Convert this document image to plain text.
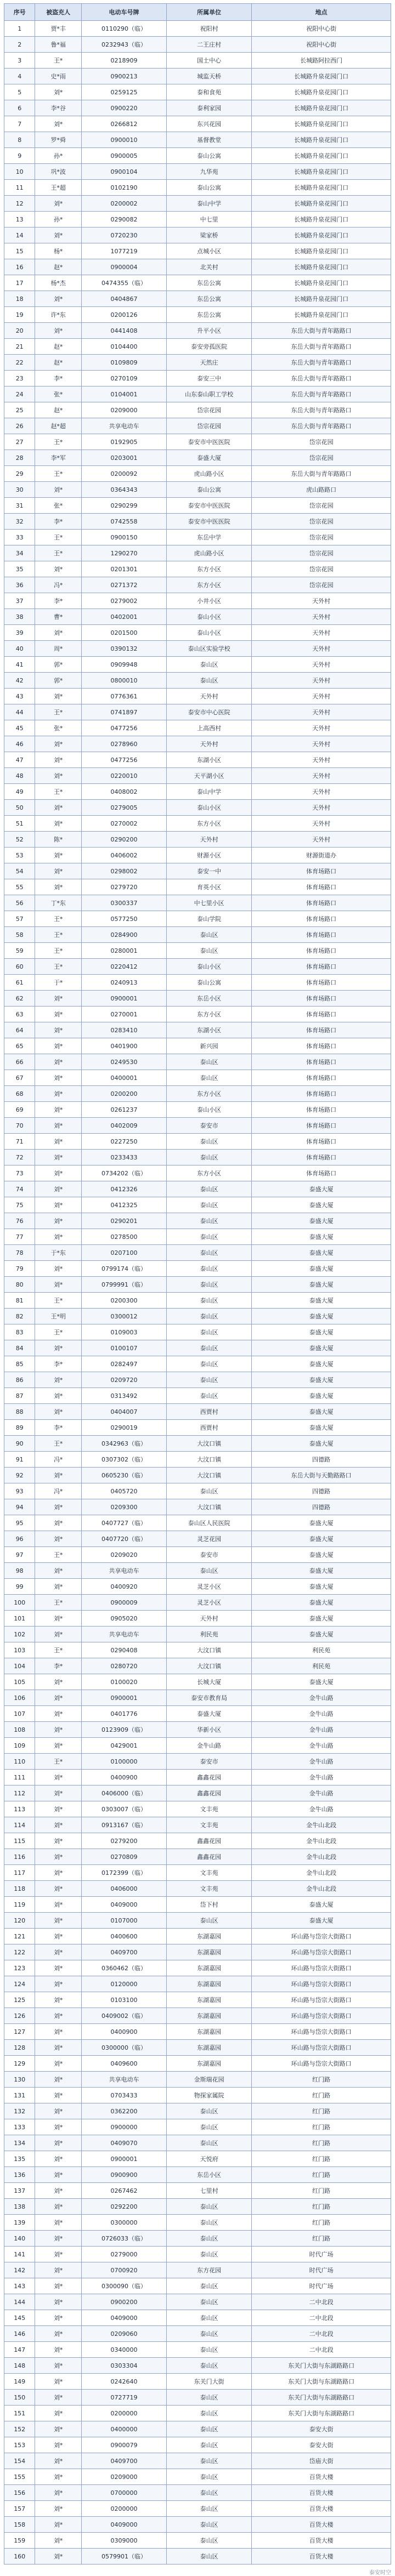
序号	被盗充人	电动车号牌	所属单位	地点
1	贾*丰	0110290（临）	祝阳村	祝阳中心街
2	鲁*福	0232943（临）	二王庄村	祝阳中心街
3	王*	0218909	国土中心	长城路阿拉西门
4	史*雨	0900213	城监天桥	长城路升泉花园门口
5	刘*	0259125	泰和食苑	长城路升泉花园门口
6	李*谷	0900220	泰利家园	长城路升泉花园门口
7	刘*	0266812	东兴花园	长城路升泉花园门口
8	罗*舜	0900010	基督教堂	长城路升泉花园门口
9	孙*	0900005	泰山公寓	长城路升泉花园门口
10	巩*波	0900104	九华苑	长城路升泉花园门口
11	王*超	0102190	泰山公寓	长城路升泉花园门口
12	刘*	0200002	泰山中学	长城路升泉花园门口
13	孙*	0290082	中七里	长城路升泉花园门口
14	刘*	0720230	梁家桥	长城路升泉花园门口
15	杨*	1077219	点城小区	长城路升泉花园门口
16	赵*	0900004	北关村	长城路升泉花园门口
17	杨*杰	0474355（临）	东岳公寓	长城路升泉花园门口
18	刘*	0404867	东岳公寓	长城路升泉花园门口
19	许*东	0200126	东岳公寓	长城路升泉花园门口
20	刘*	0441408	升平小区	东岳大街与青年路路口
21	赵*	0104400	泰安旁孤医院	东岳大街与青年路路口
22	赵*	0109809	天然庄	东岳大街与青年路路口
23	李*	0270109	泰安三中	东岳大街与青年路路口
24	张*	0104001	山东泰山职工学校	东岳大街与青年路路口
25	赵*	0209000	岱宗花园	东岳大街与青年路路口
26	赵*超	共享电动车	岱宗花园	东岳大街与青年路路口
27	王*	0192905	泰安市中医医院	岱宗花园
28	李*军	0203001	泰盛大厦	岱宗花园
29	王*	0200092	虎山路小区	东岳大街与青年路路口
30	刘*	0364343	泰山公寓	虎山路路口
31	张*	0290299	泰安市中医医院	岱宗花园
32	李*	0742558	泰安市中医医院	岱宗花园
33	王*	0900150	东岳中学	岱宗花园
34	王*	1290270	虎山路小区	岱宗花园
35	刘*	0201301	东方小区	岱宗花园
36	冯*	0271372	东方小区	岱宗花园
37	李*	0279002	小井小区	天外村
38	曹*	0402001	泰山小区	天外村
39	刘*	0201500	泰山小区	天外村
40	周*	0390132	泰山区实验学校	天外村
41	郭*	0909948	泰山区	天外村
42	郭*	0800010	泰山区	天外村
43	刘*	0776361	天外村	天外村
44	王*	0741897	泰安市中心医院	天外村
45	张*	0477256	上高西村	天外村
46	刘*	0278960	天外村	天外村
47	刘*	0477256	东湖小区	天外村
48	刘*	0220010	天平湖小区	天外村
49	王*	0408002	泰山中学	天外村
50	刘*	0279005	泰山小区	天外村
51	刘*	0270002	东方小区	天外村
52	陈*	0290200	天外村	天外村
53	刘*	0406002	财源小区	财源街道办
54	刘*	0298002	泰安一中	体育场路口
55	刘*	0279720	育英小区	体育场路口
56	丁*东	0300337	中七里小区	体育场路口
57	王*	0577250	泰山学院	体育场路口
58	王*	0284900	泰山区	体育场路口
59	王*	0280001	泰山区	体育场路口
60	王*	0220412	泰山小区	体育场路口
61	于*	0240913	泰山公寓	体育场路口
62	刘*	0900001	东岳小区	体育场路口
63	刘*	0270001	东方小区	体育场路口
64	刘*	0283410	东湖小区	体育场路口
65	刘*	0401900	新兴园	体育场路口
66	刘*	0249530	泰山区	体育场路口
67	刘*	0400001	泰山区	体育场路口
68	刘*	0200200	东方小区	体育场路口
69	刘*	0261237	泰山小区	体育场路口
70	刘*	0402009	泰安市	体育场路口
71	刘*	0227250	泰山区	体育场路口
72	刘*	0233433	泰山区	体育场路口
73	刘*	0734202（临）	东方小区	体育场路口
74	刘*	0412326	泰山区	泰盛大厦
75	刘*	0412325	泰山区	泰盛大厦
76	刘*	0290201	泰山区	泰盛大厦
77	刘*	0278500	泰山区	泰盛大厦
78	于*东	0207100	泰山区	泰盛大厦
79	刘*	0799174（临）	泰山区	泰盛大厦
80	刘*	0799991（临）	泰山区	泰盛大厦
81	王*	0200300	泰山区	泰盛大厦
82	王*明	0300012	泰山区	泰盛大厦
83	王*	0109003	泰山区	泰盛大厦
84	刘*	0100107	泰山区	泰盛大厦
85	李*	0282497	泰山区	泰盛大厦
86	刘*	0209720	泰山区	泰盛大厦
87	刘*	0313492	泰山区	泰盛大厦
88	刘*	0404007	西贾村	泰盛大厦
89	李*	0290019	西贾村	泰盛大厦
90	王*	0342963（临）	大汶口镇	泰盛大厦
91	冯*	0307302（临）	大汶口镇	四德路
92	刘*	0605230（临）	大汶口镇	东岳大街与天勤路路口
93	冯*	0405720	泰山区	四德路
94	刘*	0209300	大汶口镇	四德路
95	刘*	0407727（临）	泰山区人民医院	泰盛大厦
96	刘*	0407720（临）	灵芝花园	泰盛大厦
97	王*	0209020	泰安市	泰盛大厦
98	刘*	共享电动车	泰山区	泰盛大厦
99	刘*	0400920	灵芝小区	泰盛大厦
100	王*	0900009	灵芝小区	泰盛大厦
101	刘*	0905020	天外村	泰盛大厦
102	刘*	共享电动车	利民苑	泰盛大厦
103	王*	0290408	大汶口镇	利民苑
104	李*	0280720	大汶口镇	利民苑
105	刘*	0100020	长城大厦	泰盛大厦
106	刘*	0900001	泰安市教育局	金牛山路
107	刘*	0401776	泰盛大厦	金牛山路
108	刘*	0123909（临）	华新小区	金牛山路
109	刘*	0429001	金牛山路	金牛山路
110	王*	0100000	泰安市	金牛山路
111	刘*	0400900	鑫鑫花园	金牛山路
112	刘*	0406000（临）	鑫鑫花园	金牛山路
113	刘*	0303007（临）	文丰苑	金牛山路
114	刘*	0913167（临）	文丰苑	金牛山北段
115	刘*	0279200	鑫鑫花园	金牛山北段
116	刘*	0270809	鑫鑫花园	金牛山北段
117	刘*	0172399（临）	文丰苑	金牛山北段
118	刘*	0406000	文丰苑	金牛山北段
119	刘*	0409000	岱下村	泰盛大厦
120	刘*	0107000	泰山区	泰盛大厦
121	刘*	0400600	东湖嘉园	环山路与岱宗大街路口
122	刘*	0409700	东湖嘉园	环山路与岱宗大街路口
123	刘*	0360462（临）	东湖嘉园	环山路与岱宗大街路口
124	刘*	0120000	东湖嘉园	环山路与岱宗大街路口
125	刘*	0103100	东湖嘉园	环山路与岱宗大街路口
126	刘*	0409002（临）	东湖嘉园	环山路与岱宗大街路口
127	刘*	0400900	东湖嘉园	环山路与岱宗大街路口
128	刘*	0300000（临）	东湖嘉园	环山路与岱宗大街路口
129	刘*	0409600	东湖嘉园	环山路与岱宗大街路口
130	刘*	共享电动车	金斯瑞花园	红门路
131	刘*	0703433	物探家属院	红门路
132	刘*	0362200	泰山区	红门路
133	刘*	0900000	泰山区	红门路
134	刘*	0409070	泰山区	红门路
135	刘*	0900001	天悦府	红门路
136	刘*	0900900	东岳小区	红门路
137	刘*	0267462	七里村	红门路
138	刘*	0292200	泰山区	红门路
139	刘*	0300000	泰山区	红门路
140	刘*	0726033（临）	泰山区	红门路
141	刘*	0279000	泰山区	时代广场
142	刘*	0700920	东方花园	时代广场
143	刘*	0300090（临）	泰山区	时代广场
144	刘*	0900200	泰山区	二中北段
145	刘*	0409000	泰山区	二中北段
146	刘*	0209060	泰山区	二中北段
147	刘*	0340000	泰山区	二中北段
148	刘*	0303304	泰山区	东关门大街与东湖路路口
149	刘*	0242640	东关门大街	东关门大街与东湖路路口
150	刘*	0727719	泰山区	东关门大街与东湖路路口
151	刘*	0200000	泰山区	东关门大街与东湖路路口
152	刘*	0400000	泰山区	泰安大街
153	刘*	0900079	泰山区	泰安大街
154	刘*	0409700	泰山区	岱庙大街
155	刘*	0209000	泰山区	百货大楼
156	刘*	0700000	泰山区	百货大楼
157	刘*	0200000	泰山区	百货大楼
158	刘*	0409000	泰山区	百货大楼
159	刘*	0309000	泰山区	百货大楼
160	刘*	0579901（临）	泰山区	百货大楼
泰安时空
